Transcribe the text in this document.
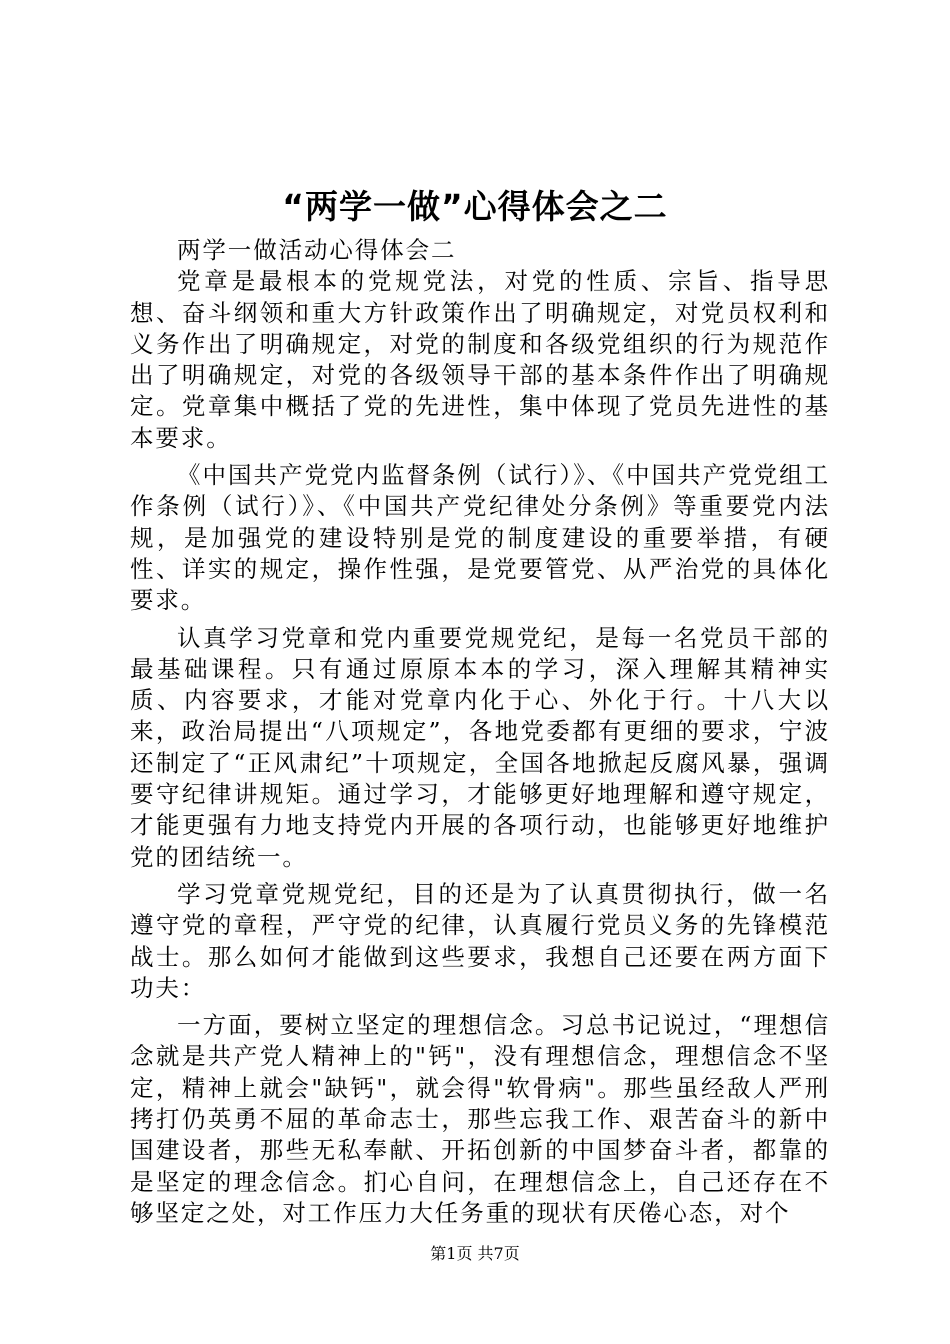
“两学一做”心得体会之二

两学一做活动心得体会二

党章是最根本的党规党法，对党的性质、宗旨、指导思想、奋斗纲领和重大方针政策作出了明确规定，对党员权利和义务作出了明确规定，对党的制度和各级党组织的行为规范作出了明确规定，对党的各级领导干部的基本条件作出了明确规定。党章集中概括了党的先进性，集中体现了党员先进性的基本要求。

《中国共产党党内监督条例（试行）》、《中国共产党党组工作条例（试行）》、《中国共产党纪律处分条例》等重要党内法规，是加强党的建设特别是党的制度建设的重要举措，有硬性、详实的规定，操作性强，是党要管党、从严治党的具体化要求。

认真学习党章和党内重要党规党纪，是每一名党员干部的最基础课程。只有通过原原本本的学习，深入理解其精神实质、内容要求，才能对党章内化于心、外化于行。十八大以来，政治局提出“八项规定”，各地党委都有更细的要求，宁波还制定了“正风肃纪”十项规定，全国各地掀起反腐风暴，强调要守纪律讲规矩。通过学习，才能够更好地理解和遵守规定，才能更强有力地支持党内开展的各项行动，也能够更好地维护党的团结统一。

学习党章党规党纪，目的还是为了认真贯彻执行，做一名遵守党的章程，严守党的纪律，认真履行党员义务的先锋模范战士。那么如何才能做到这些要求，我想自己还要在两方面下功夫：

一方面，要树立坚定的理想信念。习总书记说过，“理想信念就是共产党人精神上的"钙"，没有理想信念，理想信念不坚定，精神上就会"缺钙"，就会得"软骨病"。那些虽经敌人严刑拷打仍英勇不屈的革命志士，那些忘我工作、艰苦奋斗的新中国建设者，那些无私奉献、开拓创新的中国梦奋斗者，都靠的是坚定的理念信念。扪心自问，在理想信念上，自己还存在不够坚定之处，对工作压力大任务重的现状有厌倦心态，对个

第1页 共7页
